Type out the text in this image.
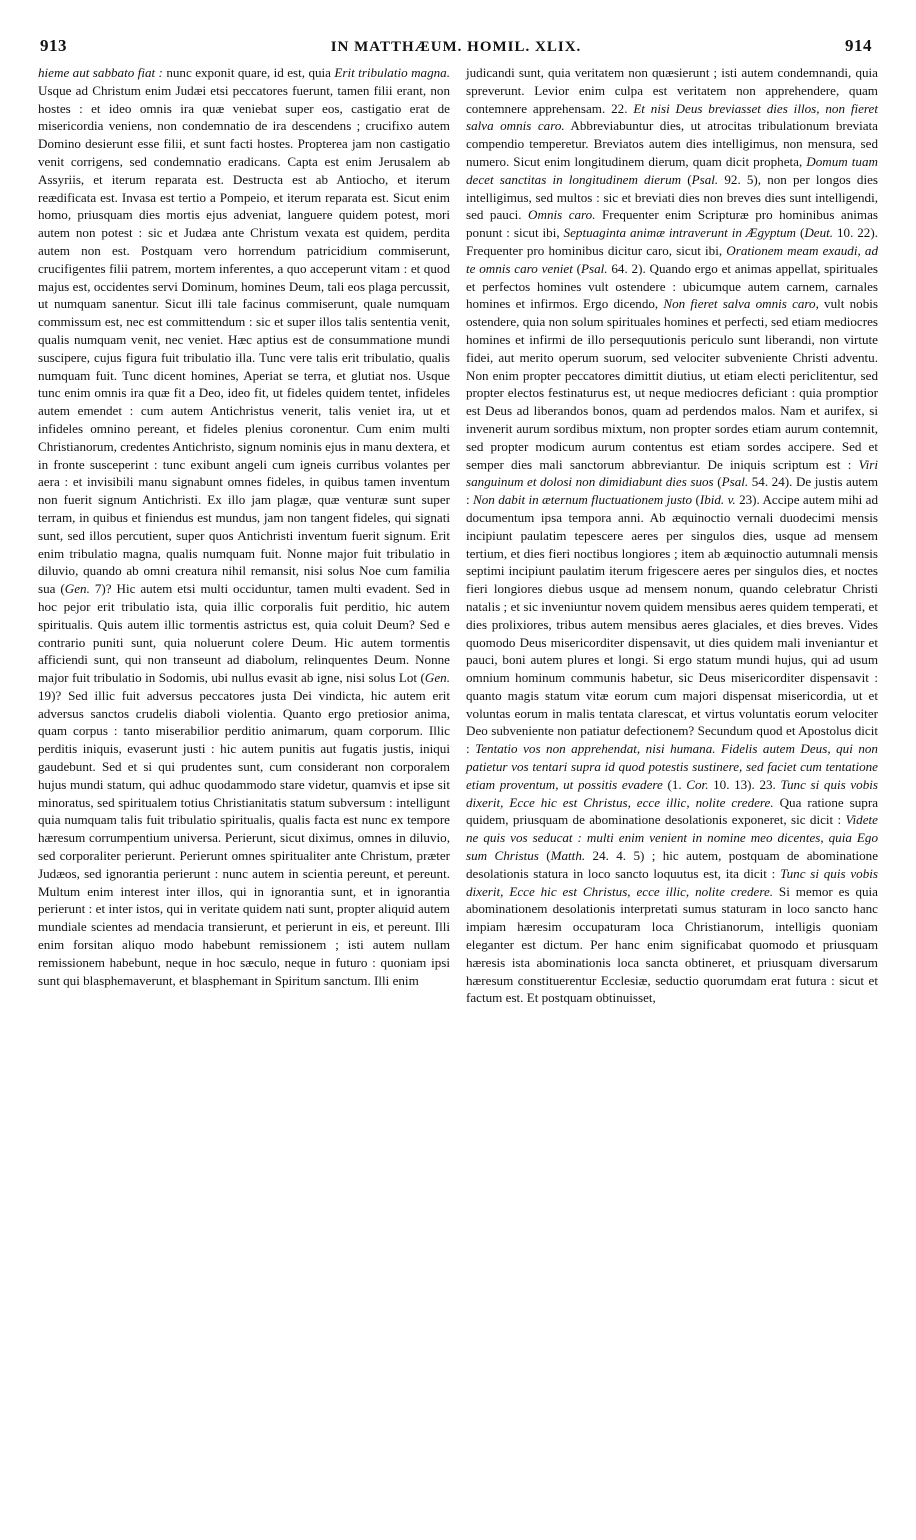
913	IN MATTHÆUM. HOMIL. XLIX.	914

hieme aut sabbato fiat : nunc exponit quare, id est, quia Erit tribulatio magna. Usque ad Christum enim Judæi etsi peccatores fuerunt, tamen filii erant, non hostes : et ideo omnis ira quæ veniebat super eos, castigatio erat de misericordia veniens, non condemnatio de ira descendens ; crucifixo autem Domino desierunt esse filii, et sunt facti hostes. Propterea jam non castigatio venit corrigens, sed condemnatio eradicans. Capta est enim Jerusalem ab Assyriis, et iterum reparata est. Destructa est ab Antiocho, et iterum reædificata est. Invasa est tertio a Pompeio, et iterum reparata est. Sicut enim homo, priusquam dies mortis ejus adveniat, languere quidem potest, mori autem non potest : sic et Judæa ante Christum vexata est quidem, perdita autem non est. Postquam vero horrendum patricidium commiserunt, crucifigentes filii patrem, mortem inferentes, a quo acceperunt vitam : et quod majus est, occidentes servi Dominum, homines Deum, tali eos plaga percussit, ut numquam sanentur. Sicut illi tale facinus commiserunt, quale numquam commissum est, nec est committendum : sic et super illos talis sententia venit, qualis numquam venit, nec veniet. Hæc aptius est de consummatione mundi suscipere, cujus figura fuit tribulatio illa. Tunc vere talis erit tribulatio, qualis numquam fuit. Tunc dicent homines, Aperiat se terra, et glutiat nos. Usque tunc enim omnis ira quæ fit a Deo, ideo fit, ut fideles quidem tentet, infideles autem emendet : cum autem Antichristus venerit, talis veniet ira, ut et infideles omnino pereant, et fideles plenius coronentur. Cum enim multi Christianorum, credentes Antichristo, signum nominis ejus in manu dextera, et in fronte susceperint : tunc exibunt angeli cum igneis curribus volantes per aera : et invisibili manu signabunt omnes fideles, in quibus tamen inventum non fuerit signum Antichristi. Ex illo jam plagæ, quæ venturæ sunt super terram, in quibus et finiendus est mundus, jam non tangent fideles, qui signati sunt, sed illos percutient, super quos Antichristi inventum fuerit signum. Erit enim tribulatio magna, qualis numquam fuit. Nonne major fuit tribulatio in diluvio, quando ab omni creatura nihil remansit, nisi solus Noe cum familia sua (Gen. 7)? Hic autem etsi multi occiduntur, tamen multi evadent. Sed in hoc pejor erit tribulatio ista, quia illic corporalis fuit perditio, hic autem spiritualis. Quis autem illic tormentis astrictus est, quia coluit Deum? Sed e contrario puniti sunt, quia noluerunt colere Deum. Hic autem tormentis afficiendi sunt, qui non transeunt ad diabolum, relinquentes Deum. Nonne major fuit tribulatio in Sodomis, ubi nullus evasit ab igne, nisi solus Lot (Gen. 19)? Sed illic fuit adversus peccatores justa Dei vindicta, hic autem erit adversus sanctos crudelis diaboli violentia. Quanto ergo pretiosior anima, quam corpus : tanto miserabilior perditio animarum, quam corporum. Illic perditis iniquis, evaserunt justi : hic autem punitis aut fugatis justis, iniqui gaudebunt. Sed et si qui prudentes sunt, cum considerant non corporalem hujus mundi statum, qui adhuc quodammodo stare videtur, quamvis et ipse sit minoratus, sed spiritualem totius Christianitatis statum subversum : intelligunt quia numquam talis fuit tribulatio spiritualis, qualis facta est nunc ex tempore hæresum corrumpentium universa. Perierunt, sicut diximus, omnes in diluvio, sed corporaliter perierunt. Perierunt omnes spiritualiter ante Christum, præter Judæos, sed ignorantia perierunt : nunc autem in scientia pereunt, et pereunt. Multum enim interest inter illos, qui in ignorantia sunt, et in ignorantia perierunt : et inter istos, qui in veritate quidem nati sunt, propter aliquid autem mundiale scientes ad mendacia transierunt, et perierunt in eis, et pereunt. Illi enim forsitan aliquo modo habebunt remissionem ; isti autem nullam remissionem habebunt, neque in hoc sæculo, neque in futuro : quoniam ipsi sunt qui blasphemaverunt, et blasphemant in Spiritum sanctum. Illi enim

judicandi sunt, quia veritatem non quæsierunt ; isti autem condemnandi, quia spreverunt. Levior enim culpa est veritatem non apprehendere, quam contemnere apprehensam. 22. Et nisi Deus breviasset dies illos, non fieret salva omnis caro. Abbreviabuntur dies, ut atrocitas tribulationum breviata compendio temperetur. Breviatos autem dies intelligimus, non mensura, sed numero. Sicut enim longitudinem dierum, quam dicit propheta, Domum tuam decet sanctitas in longitudinem dierum (Psal. 92. 5), non per longos dies intelligimus, sed multos : sic et breviati dies non breves dies sunt intelligendi, sed pauci. Omnis caro. Frequenter enim Scripturæ pro hominibus animas ponunt : sicut ibi, Septuaginta animæ intraverunt in Ægyptum (Deut. 10. 22). Frequenter pro hominibus dicitur caro, sicut ibi, Orationem meam exaudi, ad te omnis caro veniet (Psal. 64. 2). Quando ergo et animas appellat, spirituales et perfectos homines vult ostendere : ubicumque autem carnem, carnales homines et infirmos. Ergo dicendo, Non fieret salva omnis caro, vult nobis ostendere, quia non solum spirituales homines et perfecti, sed etiam mediocres homines et infirmi de illo persequutionis periculo sunt liberandi, non virtute fidei, aut merito operum suorum, sed velociter subveniente Christi adventu. Non enim propter peccatores dimittit diutius, ut etiam electi periclitentur, sed propter electos festinaturus est, ut neque mediocres deficiant : quia promptior est Deus ad liberandos bonos, quam ad perdendos malos. Nam et aurifex, si invenerit aurum sordibus mixtum, non propter sordes etiam aurum contemnit, sed propter modicum aurum contentus est etiam sordes accipere. Sed et semper dies mali sanctorum abbreviantur. De iniquis scriptum est : Viri sanguinum et dolosi non dimidiabunt dies suos (Psal. 54. 24). De justis autem : Non dabit in æternum fluctuationem justo (Ibid. v. 23). Accipe autem mihi ad documentum ipsa tempora anni. Ab æquinoctio vernali duodecimi mensis incipiunt paulatim tepescere aeres per singulos dies, usque ad mensem tertium, et dies fieri noctibus longiores ; item ab æquinoctio autumnali mensis septimi incipiunt paulatim iterum frigescere aeres per singulos dies, et noctes fieri longiores diebus usque ad mensem nonum, quando celebratur Christi natalis ; et sic inveniuntur novem quidem mensibus aeres quidem temperati, et dies prolixiores, tribus autem mensibus aeres glaciales, et dies breves. Vides quomodo Deus misericorditer dispensavit, ut dies quidem mali inveniantur et pauci, boni autem plures et longi. Si ergo statum mundi hujus, qui ad usum omnium hominum communis habetur, sic Deus misericorditer dispensavit : quanto magis statum vitæ eorum cum majori dispensat misericordia, ut et voluntas eorum in malis tentata clarescat, et virtus voluntatis eorum velociter Deo subveniente non patiatur defectionem? Secundum quod et Apostolus dicit : Tentatio vos non apprehendat, nisi humana. Fidelis autem Deus, qui non patietur vos tentari supra id quod potestis sustinere, sed faciet cum tentatione etiam proventum, ut possitis evadere (1. Cor. 10. 13). 23. Tunc si quis vobis dixerit, Ecce hic est Christus, ecce illic, nolite credere. Qua ratione supra quidem, priusquam de abominatione desolationis exponeret, sic dicit : Videte ne quis vos seducat : multi enim venient in nomine meo dicentes, quia Ego sum Christus (Matth. 24. 4. 5) ; hic autem, postquam de abominatione desolationis statura in loco sancto loquutus est, ita dicit : Tunc si quis vobis dixerit, Ecce hic est Christus, ecce illic, nolite credere. Si memor es quia abominationem desolationis interpretati sumus staturam in loco sancto hanc impiam hæresim occupaturam loca Christianorum, intelligis quoniam eleganter est dictum. Per hanc enim significabat quomodo et priusquam hæresis ista abominationis loca sancta obtineret, et priusquam diversarum hæresum constituerentur Ecclesiæ, seductio quorumdam erat futura : sicut et factum est. Et postquam obtinuisset,
